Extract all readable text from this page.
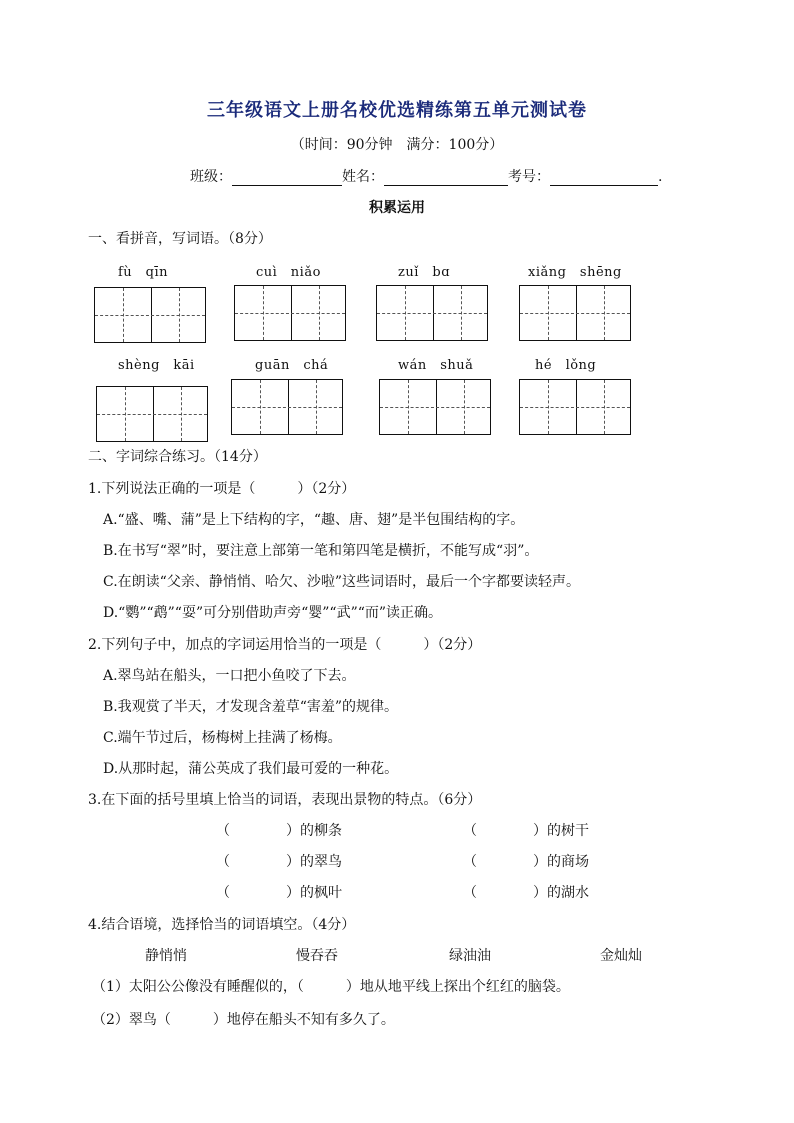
三年级语文上册名校优选精练第五单元测试卷
（时间：90分钟　满分：100分）
班级：	姓名：	考号：	.
积累运用
一、看拼音，写词语。（8分）
fù　qīn	cuì　niǎo	zuǐ　bɑ	xiǎng　shēng
shèng　kāi	guān　chá	wán　shuǎ	hé　lǒng
二、字词综合练习。（14分）
1.下列说法正确的一项是（　　　）（2分）
A.“盛、嘴、蒲”是上下结构的字，“趣、唐、翅”是半包围结构的字。
B.在书写“翠”时，要注意上部第一笔和第四笔是横折，不能写成“羽”。
C.在朗读“父亲、静悄悄、哈欠、沙啦”这些词语时，最后一个字都要读轻声。
D.“鹦”“鹉”“耍”可分别借助声旁“婴”“武”“而”读正确。
2.下列句子中，加点的字词运用恰当的一项是（　　　）（2分）
A.翠鸟站在船头，一口把小鱼咬了下去。
B.我观赏了半天，才发现含羞草“害羞”的规律。
C.端午节过后，杨梅树上挂满了杨梅。
D.从那时起，蒲公英成了我们最可爱的一种花。
3.在下面的括号里填上恰当的词语，表现出景物的特点。（6分）
（　　　　）的柳条	（　　　　）的树干
（　　　　）的翠鸟	（　　　　）的商场
（　　　　）的枫叶	（　　　　）的湖水
4.结合语境，选择恰当的词语填空。（4分）
静悄悄	慢吞吞	绿油油	金灿灿
（1）太阳公公像没有睡醒似的，（　　　）地从地平线上探出个红红的脑袋。
（2）翠鸟（　　　）地停在船头不知有多久了。
